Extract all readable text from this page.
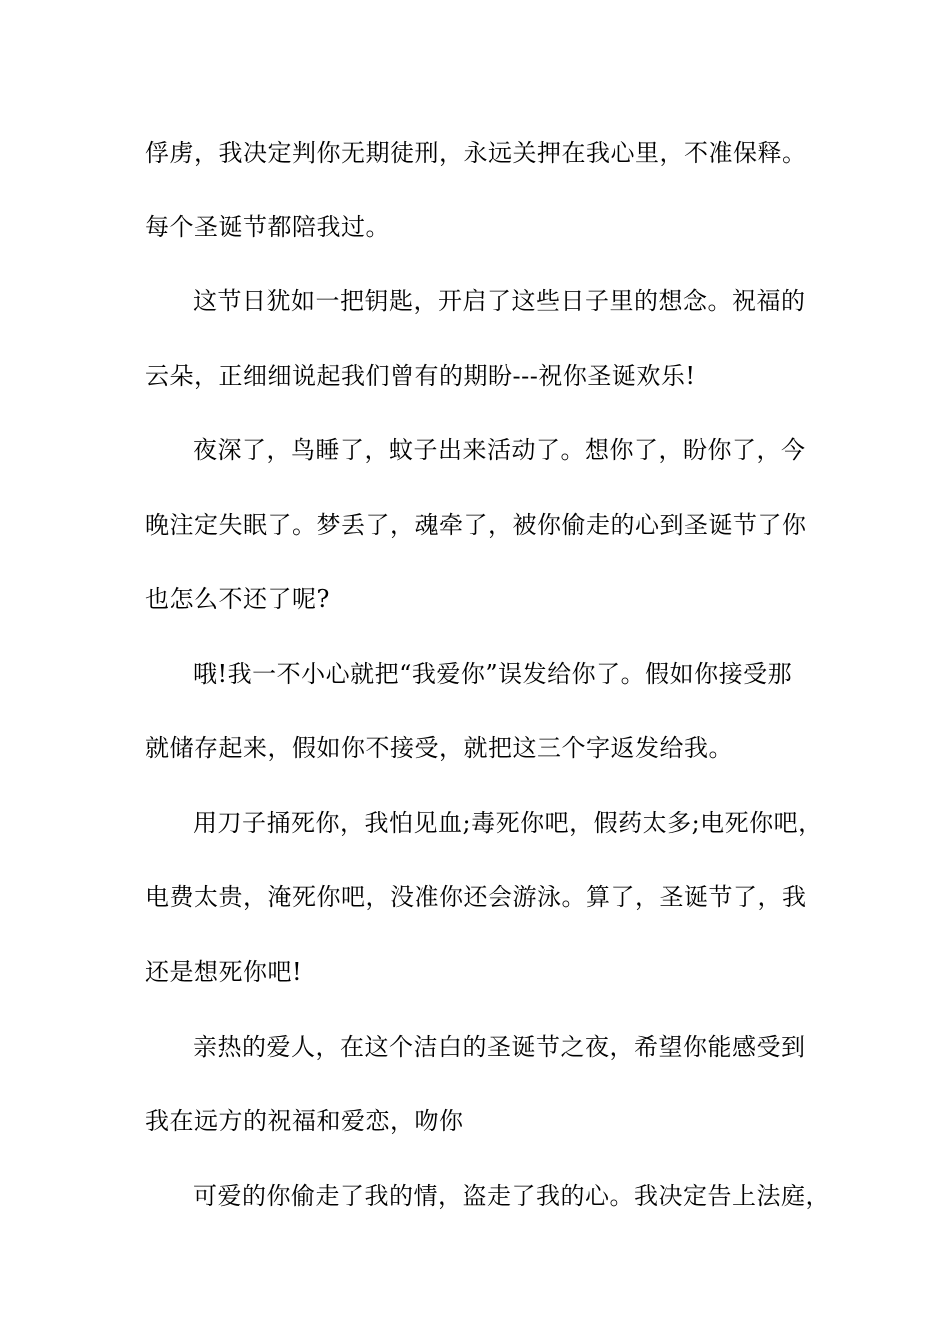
俘虏，我决定判你无期徒刑，永远关押在我心里，不准保释。
每个圣诞节都陪我过。
这节日犹如一把钥匙，开启了这些日子里的想念。祝福的
云朵，正细细说起我们曾有的期盼---祝你圣诞欢乐!
夜深了，鸟睡了，蚊子出来活动了。想你了，盼你了，今
晚注定失眠了。梦丢了，魂牵了，被你偷走的心到圣诞节了你
也怎么不还了呢?
哦!我一不小心就把“我爱你”误发给你了。假如你接受那
就储存起来，假如你不接受，就把这三个字返发给我。
用刀子捅死你，我怕见血;毒死你吧，假药太多;电死你吧，
电费太贵，淹死你吧，没准你还会游泳。算了，圣诞节了，我
还是想死你吧!
亲热的爱人，在这个洁白的圣诞节之夜，希望你能感受到
我在远方的祝福和爱恋，吻你
可爱的你偷走了我的情，盗走了我的心。我决定告上法庭，
